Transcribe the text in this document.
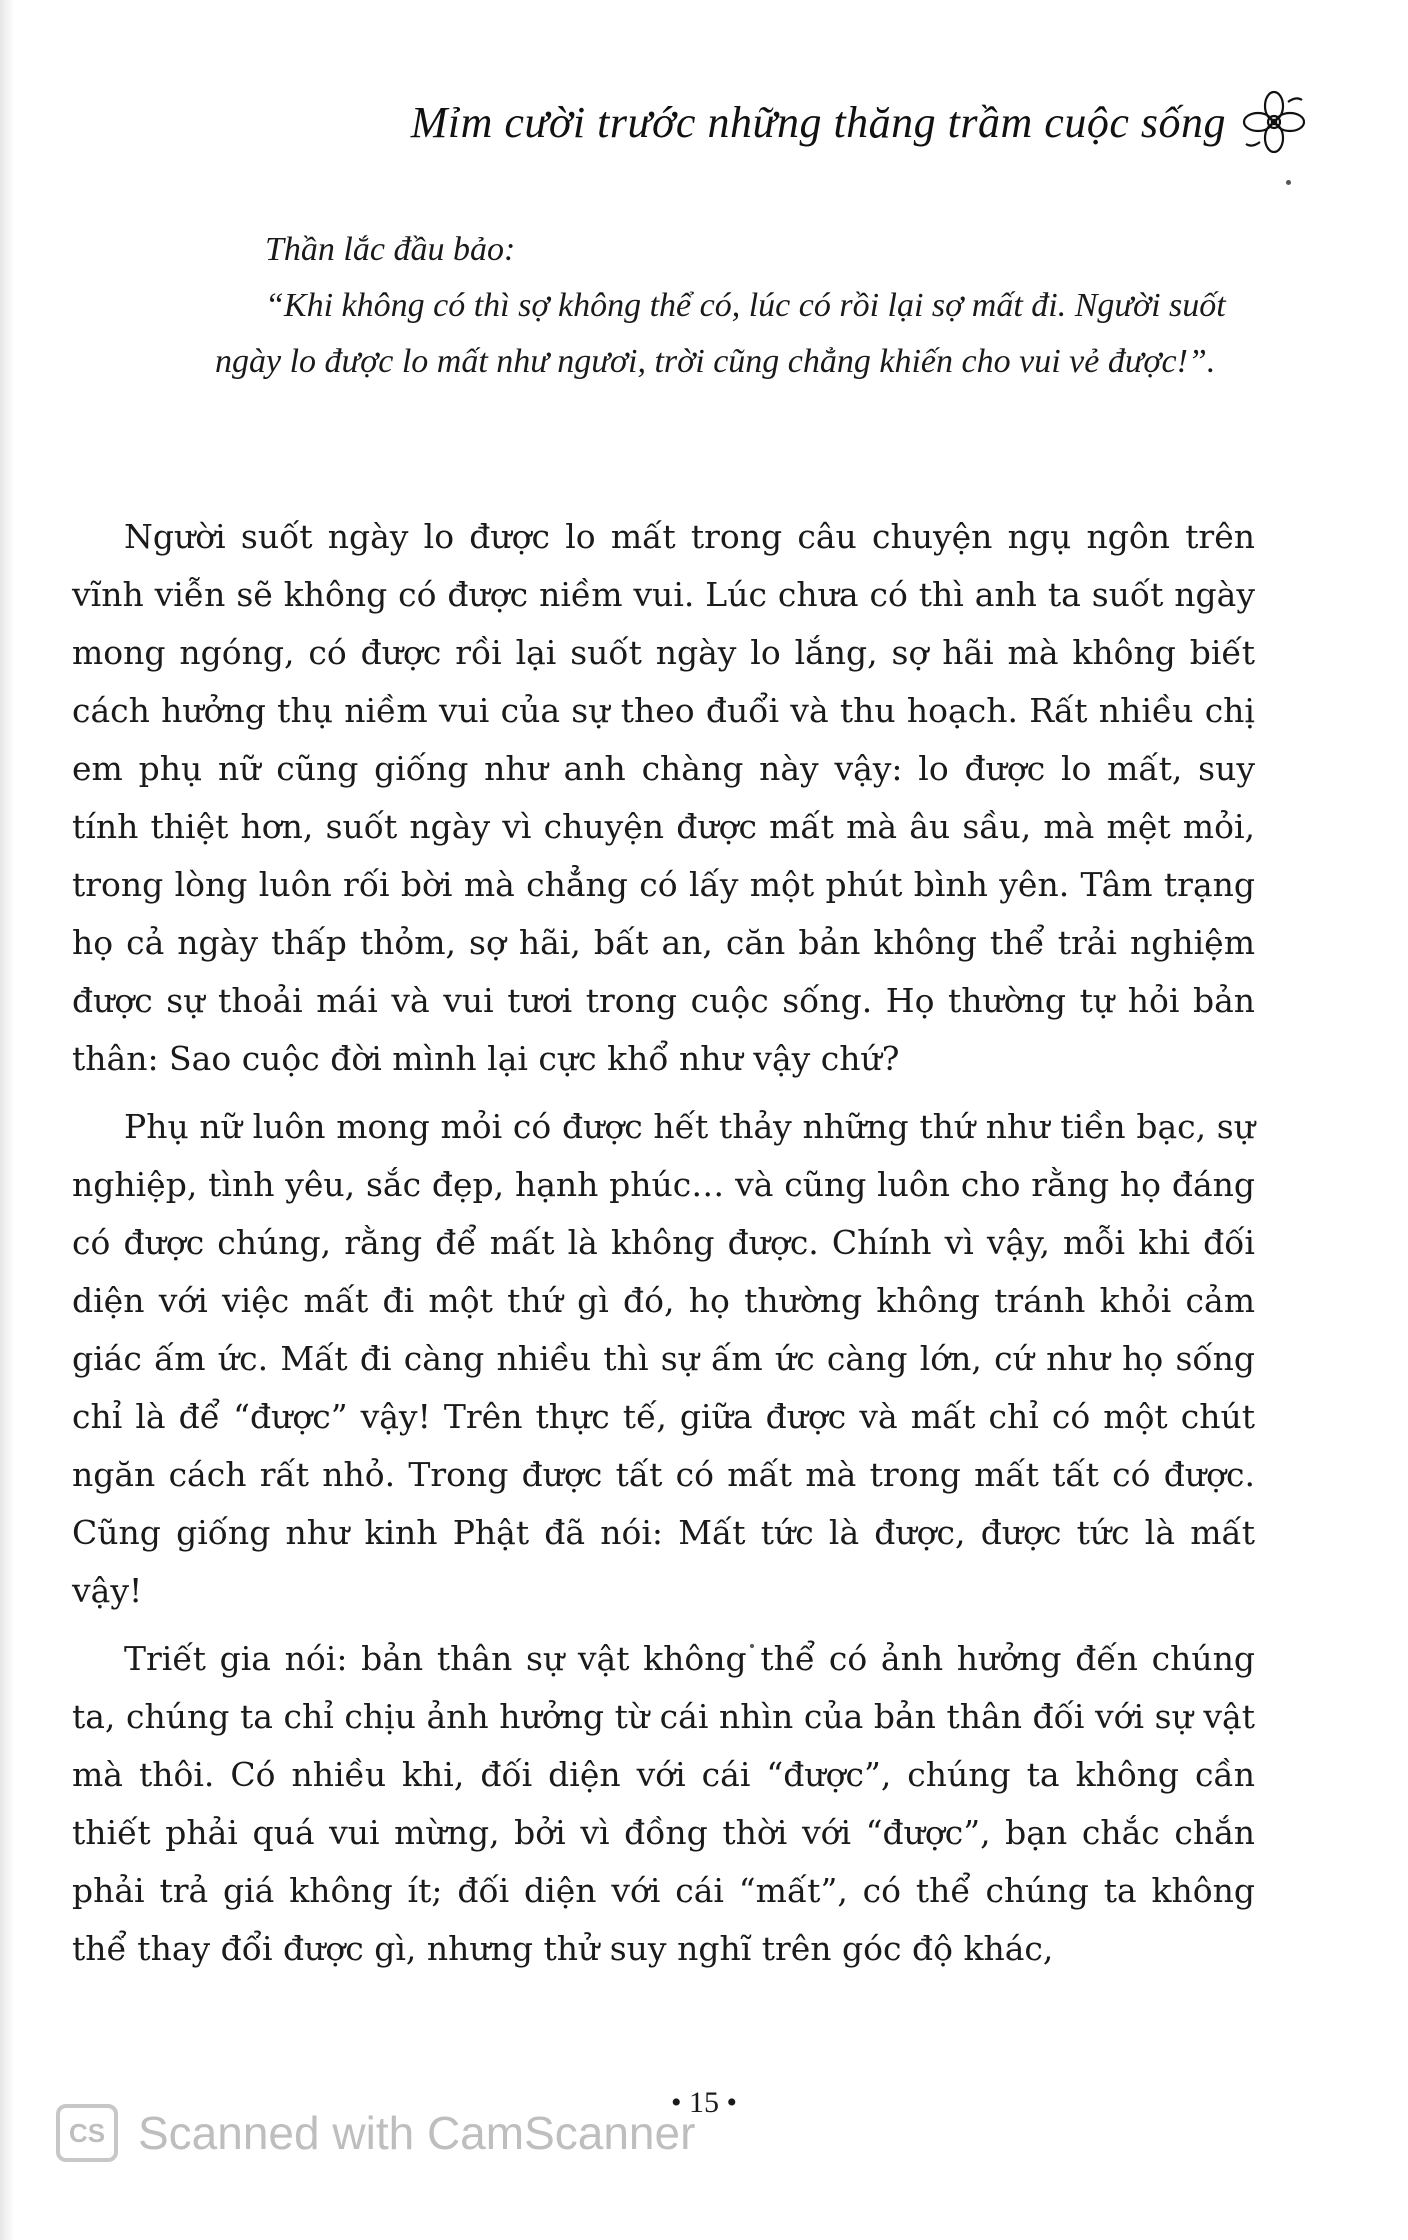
Mỉm cười trước những thăng trầm cuộc sống

Thần lắc đầu bảo:

“Khi không có thì sợ không thể có, lúc có rồi lại sợ mất đi. Người suốt ngày lo được lo mất như ngươi, trời cũng chẳng khiến cho vui vẻ được!”.

Người suốt ngày lo được lo mất trong câu chuyện ngụ ngôn trên vĩnh viễn sẽ không có được niềm vui. Lúc chưa có thì anh ta suốt ngày mong ngóng, có được rồi lại suốt ngày lo lắng, sợ hãi mà không biết cách hưởng thụ niềm vui của sự theo đuổi và thu hoạch. Rất nhiều chị em phụ nữ cũng giống như anh chàng này vậy: lo được lo mất, suy tính thiệt hơn, suốt ngày vì chuyện được mất mà âu sầu, mà mệt mỏi, trong lòng luôn rối bời mà chẳng có lấy một phút bình yên. Tâm trạng họ cả ngày thấp thỏm, sợ hãi, bất an, căn bản không thể trải nghiệm được sự thoải mái và vui tươi trong cuộc sống. Họ thường tự hỏi bản thân: Sao cuộc đời mình lại cực khổ như vậy chứ?

Phụ nữ luôn mong mỏi có được hết thảy những thứ như tiền bạc, sự nghiệp, tình yêu, sắc đẹp, hạnh phúc… và cũng luôn cho rằng họ đáng có được chúng, rằng để mất là không được. Chính vì vậy, mỗi khi đối diện với việc mất đi một thứ gì đó, họ thường không tránh khỏi cảm giác ấm ức. Mất đi càng nhiều thì sự ấm ức càng lớn, cứ như họ sống chỉ là để “được” vậy! Trên thực tế, giữa được và mất chỉ có một chút ngăn cách rất nhỏ. Trong được tất có mất mà trong mất tất có được. Cũng giống như kinh Phật đã nói: Mất tức là được, được tức là mất vậy!

Triết gia nói: bản thân sự vật không thể có ảnh hưởng đến chúng ta, chúng ta chỉ chịu ảnh hưởng từ cái nhìn của bản thân đối với sự vật mà thôi. Có nhiều khi, đối diện với cái “được”, chúng ta không cần thiết phải quá vui mừng, bởi vì đồng thời với “được”, bạn chắc chắn phải trả giá không ít; đối diện với cái “mất”, có thể chúng ta không thể thay đổi được gì, nhưng thử suy nghĩ trên góc độ khác,

• 15 •
CS Scanned with CamScanner
